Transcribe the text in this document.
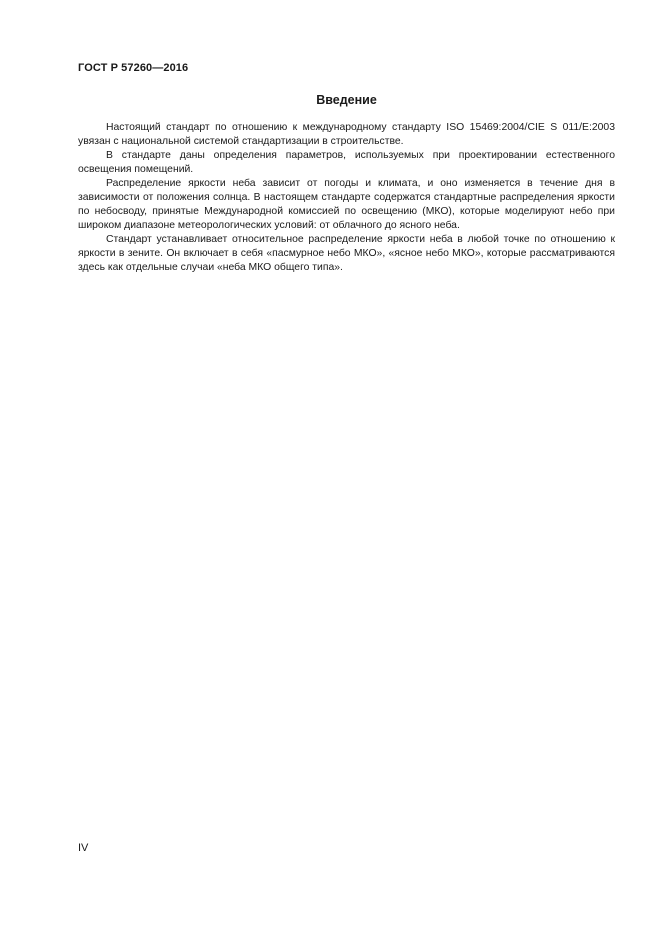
ГОСТ Р 57260—2016
Введение

Настоящий стандарт по отношению к международному стандарту ISO 15469:2004/CIE S 011/E:2003 увязан с национальной системой стандартизации в строительстве.

В стандарте даны определения параметров, используемых при проектировании естественного освещения помещений.

Распределение яркости неба зависит от погоды и климата, и оно изменяется в течение дня в зависимости от положения солнца. В настоящем стандарте содержатся стандартные распределения яркости по небосводу, принятые Международной комиссией по освещению (МКО), которые моделируют небо при широком диапазоне метеорологических условий: от облачного до ясного неба.

Стандарт устанавливает относительное распределение яркости неба в любой точке по отношению к яркости в зените. Он включает в себя «пасмурное небо МКО», «ясное небо МКО», которые рассматриваются здесь как отдельные случаи «неба МКО общего типа».

IV
